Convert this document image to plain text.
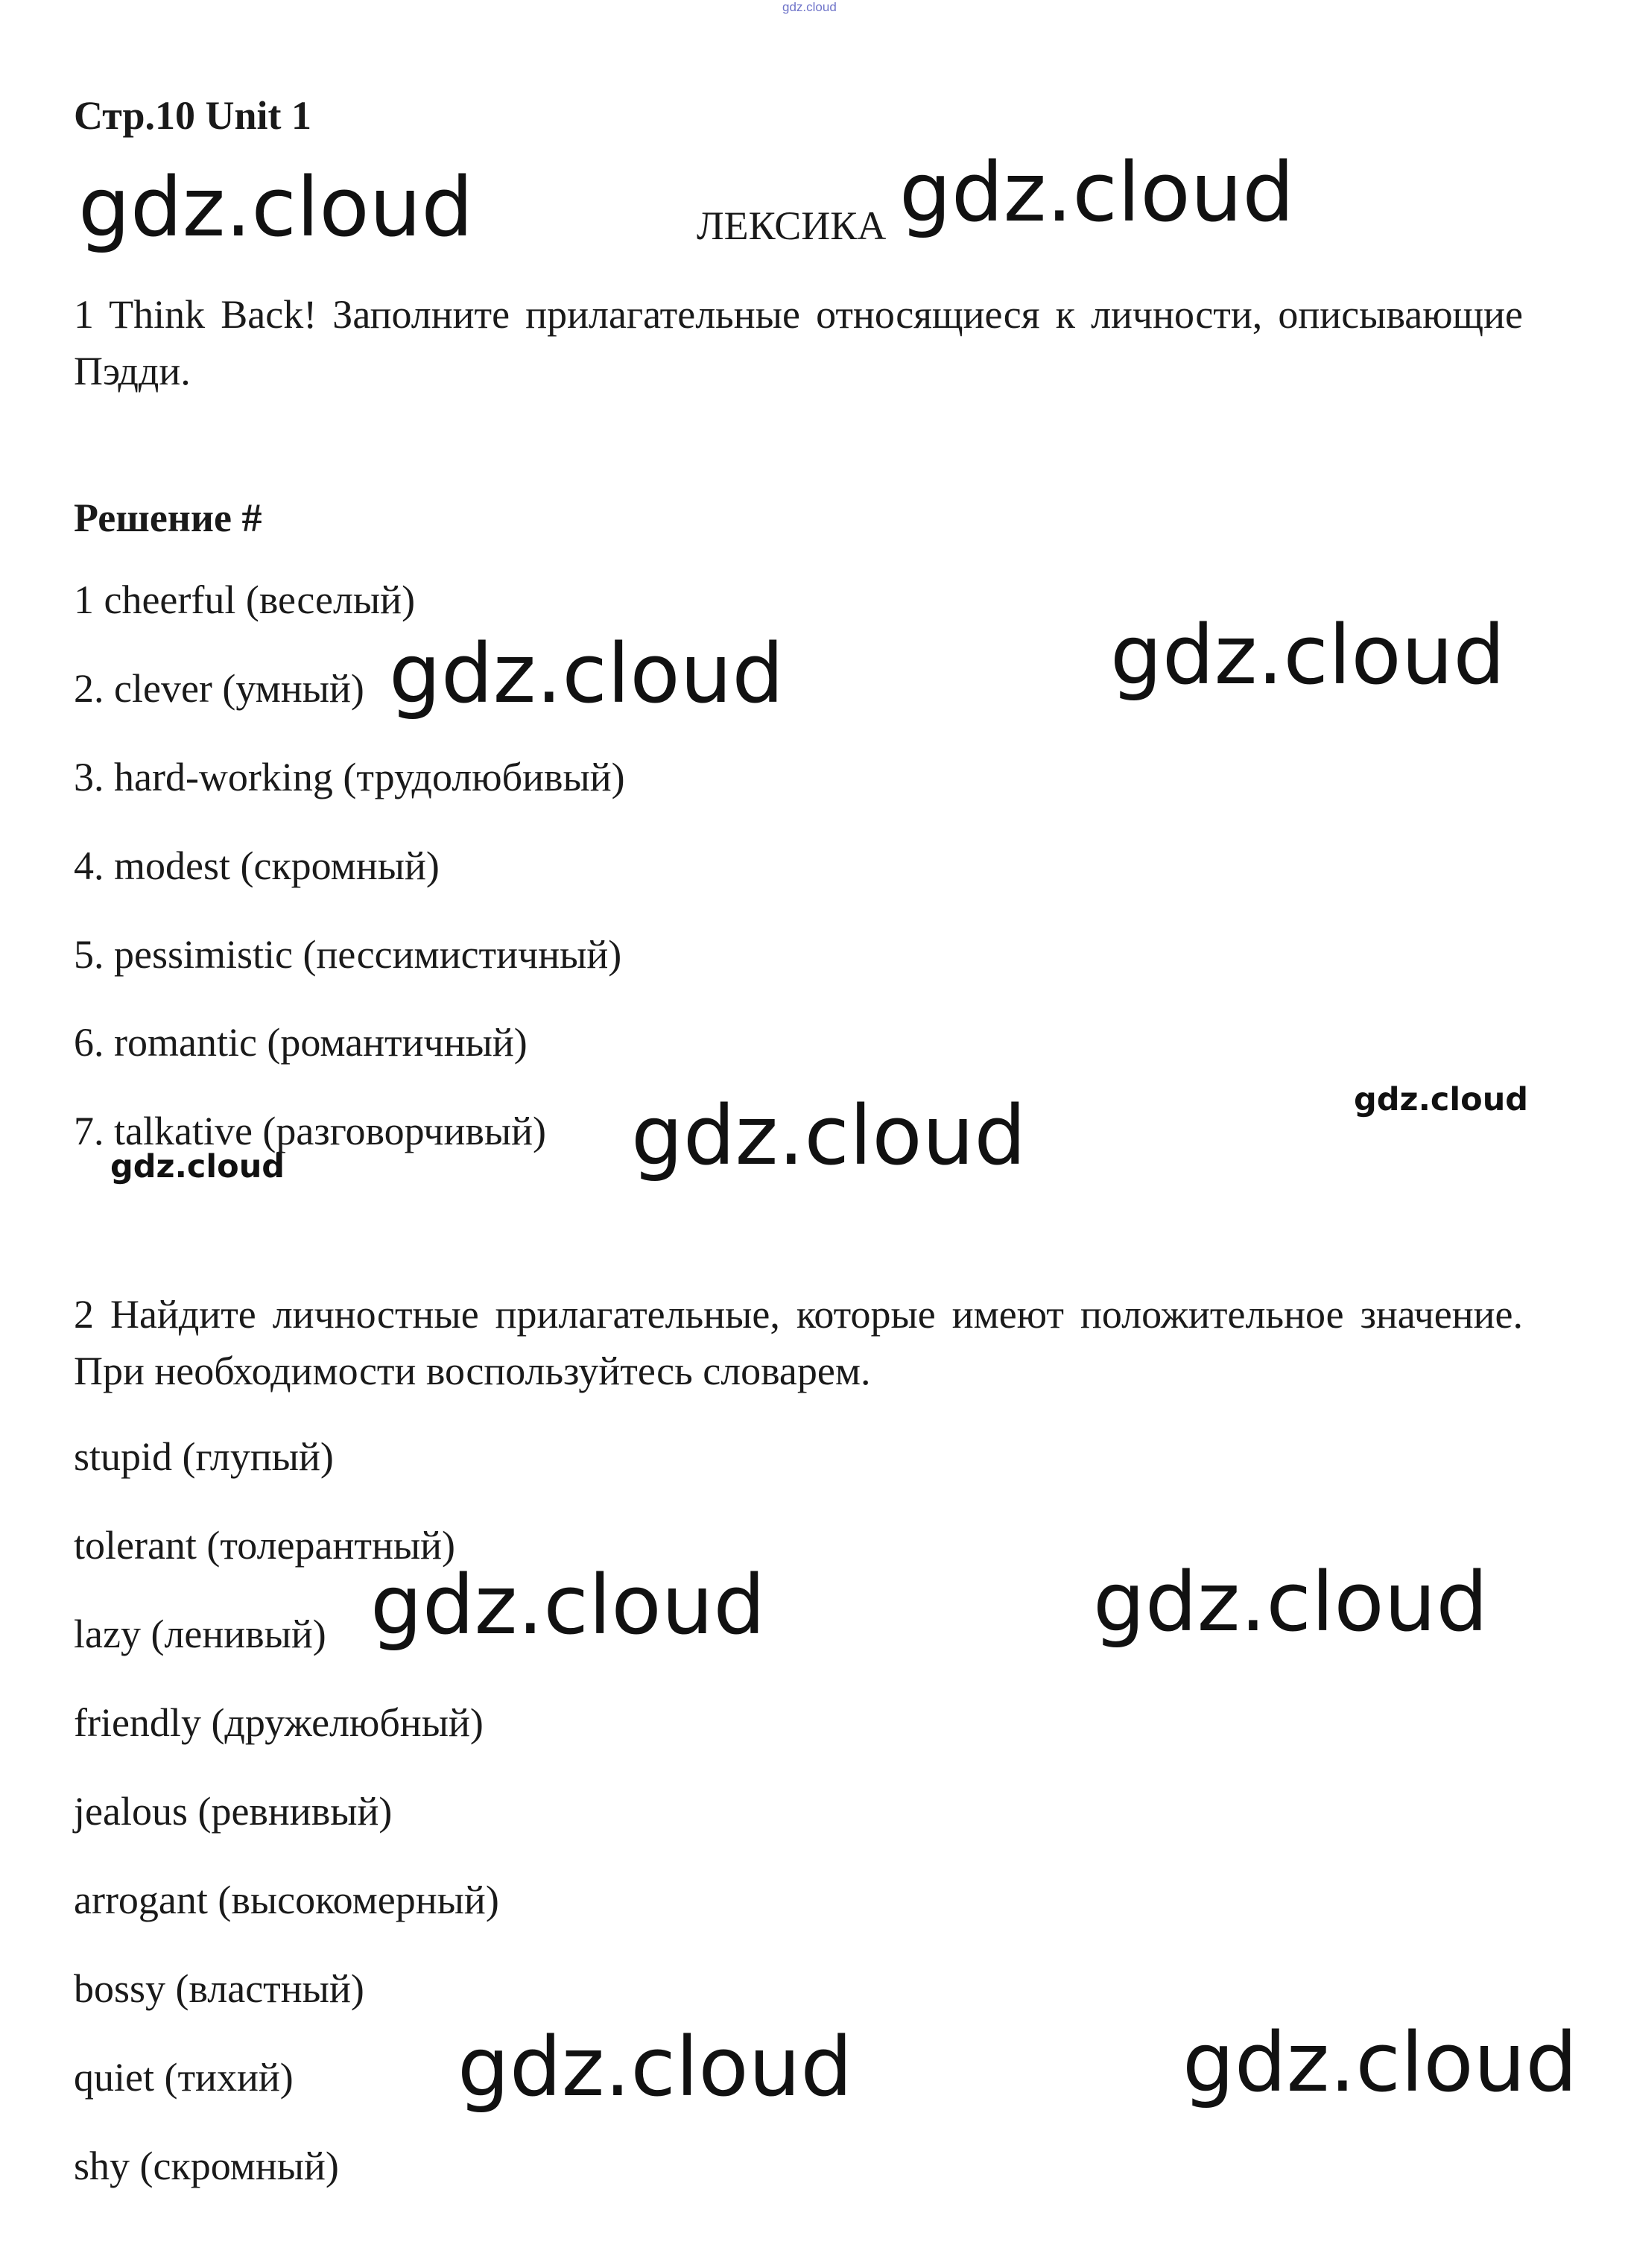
gdz.cloud
Стр.10 Unit 1
ЛЕКСИКА
1 Think Back! Заполните прилагательные относящиеся к личности, описывающие Пэдди.
Решение #
1 cheerful (веселый)
2. clever (умный)
3. hard-working (трудолюбивый)
4. modest (скромный)
5. pessimistic (пессимистичный)
6. romantic (романтичный)
7. talkative (разговорчивый)
2 Найдите личностные прилагательные, которые имеют положительное значение. При необходимости воспользуйтесь словарем.
stupid (глупый)
tolerant (толерантный)
lazy (ленивый)
friendly (дружелюбный)
jealous (ревнивый)
arrogant (высокомерный)
bossy (властный)
quiet (тихий)
shy (скромный)
gdz.cloud	gdz.cloud
gdz.cloud	gdz.cloud
gdz.cloud
gdz.cloud	gdz.cloud
gdz.cloud	gdz.cloud
gdz.cloud	gdz.cloud
